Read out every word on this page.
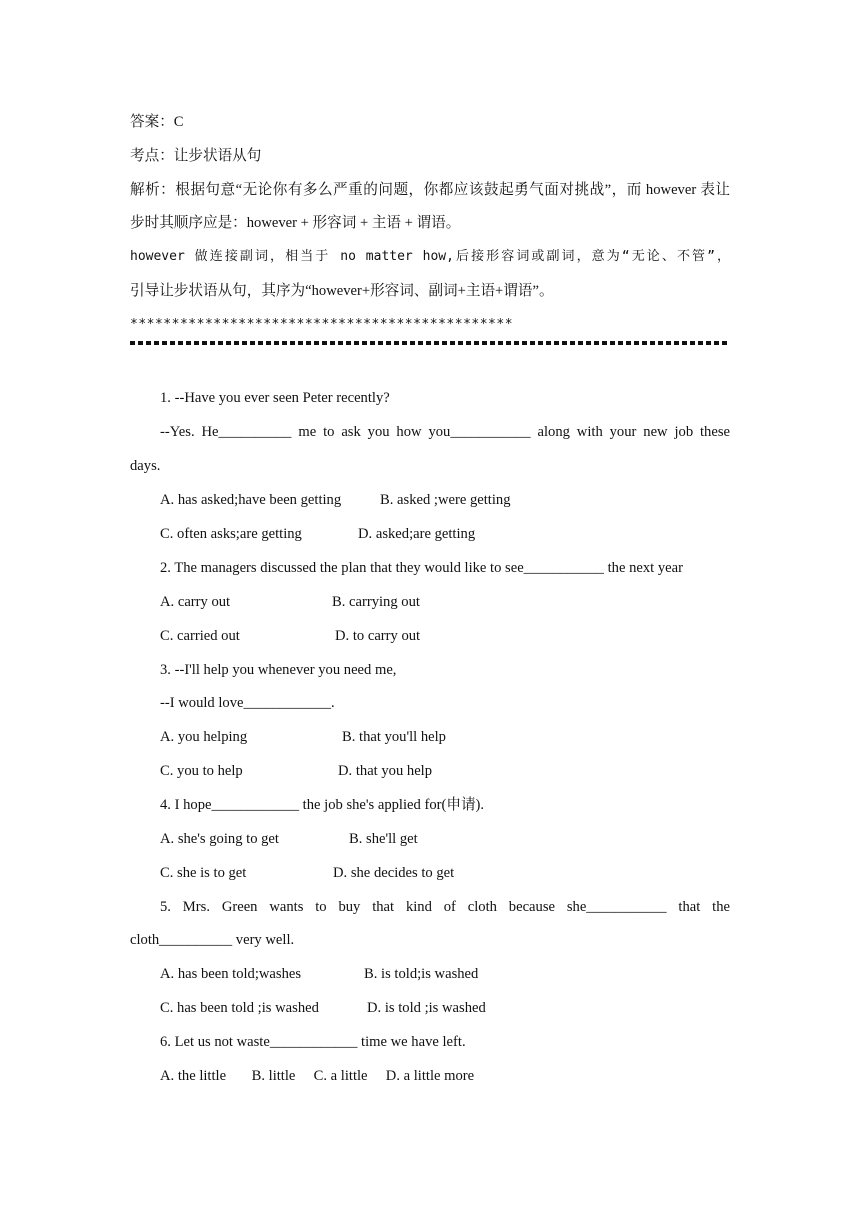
答案：C
考点：让步状语从句
解析：根据句意“无论你有多么严重的问题，你都应该鼓起勇气面对挑战”，而 however 表让
步时其顺序应是：however + 形容词 + 主语 + 谓语。
however 做连接副词，相当于 no matter how,后接形容词或副词，意为“无论、不管”，
引导让步状语从句，其序为“however+形容词、副词+主语+谓语”。
**********************************************
1. --Have you ever seen Peter recently?
--Yes. He__________ me to ask you how you___________ along with your new job these
days.
A. has asked;have been getting	B. asked ;were getting
C. often asks;are getting	D. asked;are getting
2. The managers discussed the plan that they would like to see___________ the next year
A. carry out	B. carrying out
C. carried out	D. to carry out
3. --I'll help you whenever you need me,
--I would love____________.
A. you helping	B. that you'll help
C. you to help	D. that you help
4. I hope____________ the job she's applied for(申请).
A. she's going to get	B. she'll get
C. she is to get	D. she decides to get
5. Mrs. Green wants to buy that kind of cloth because she___________ that the
cloth__________ very well.
A. has been told;washes	B. is told;is washed
C. has been told ;is washed	D. is told ;is washed
6. Let us not waste____________ time we have left.
A. the little       B. little     C. a little     D. a little more
